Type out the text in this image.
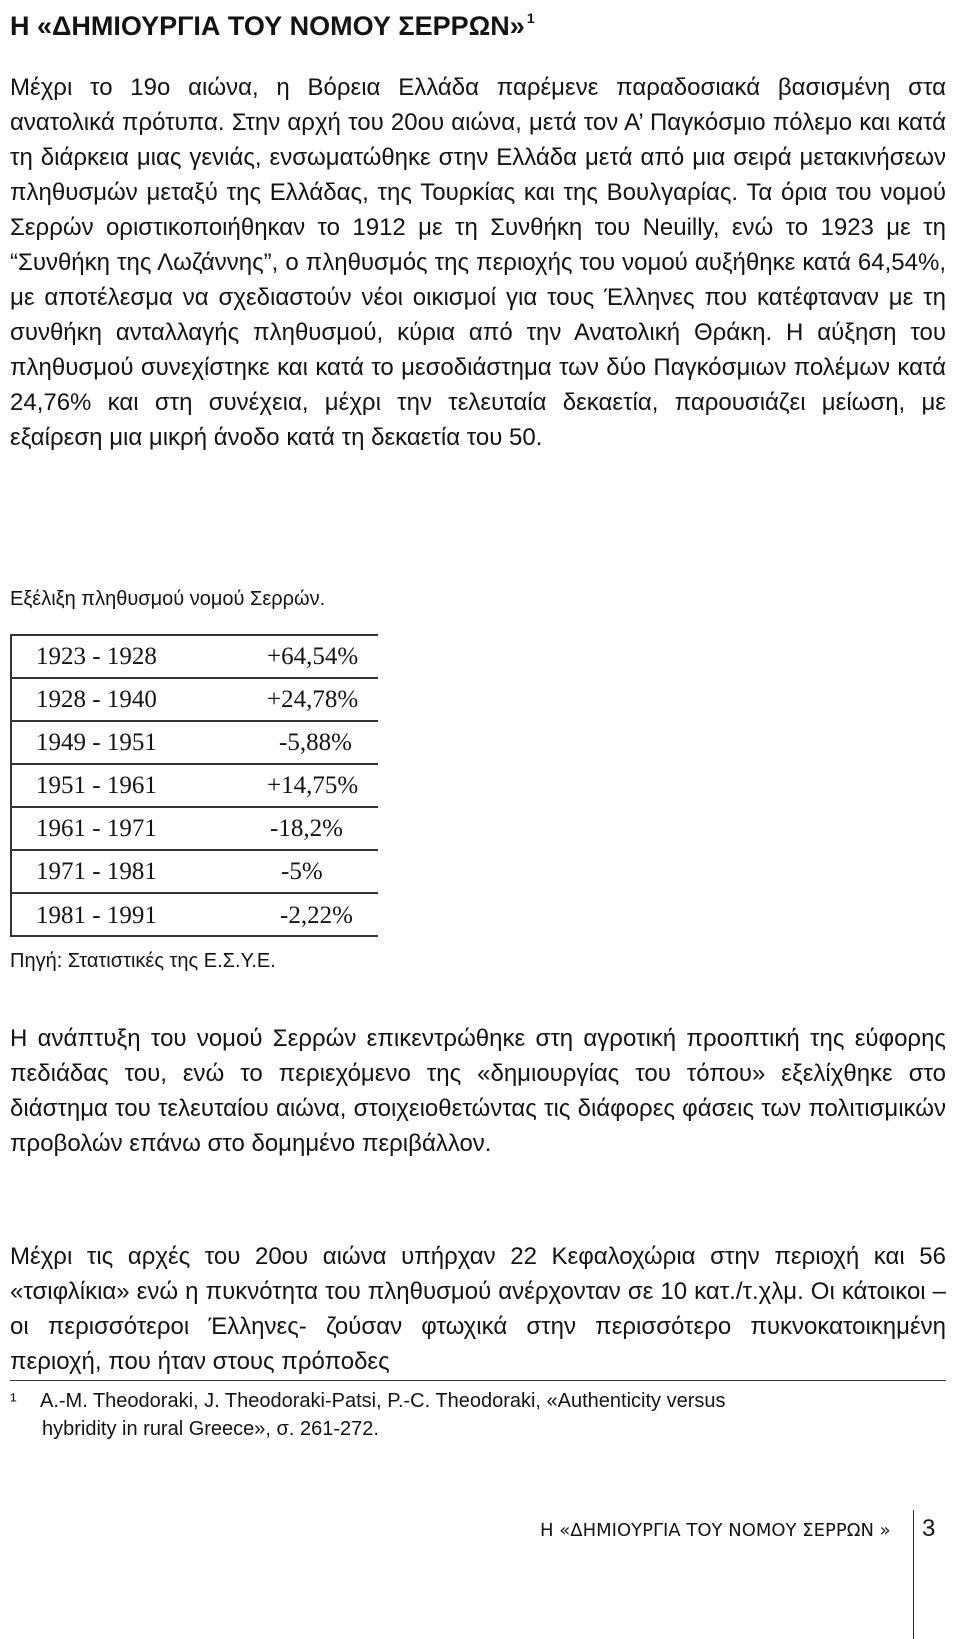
Η «ΔΗΜΙΟΥΡΓΙΑ ΤΟΥ ΝΟΜΟΥ ΣΕΡΡΩΝ» $^1$

Μέχρι το 19ο αιώνα, η Βόρεια Ελλάδα παρέμενε παραδοσιακά βασισμένη στα ανατολικά πρότυπα. Στην αρχή του 20ου αιώνα, μετά τον Α’ Παγκόσμιο πόλεμο και κατά τη διάρκεια μιας γενιάς, ενσωματώθηκε στην Ελλάδα μετά από μια σειρά μετακινήσεων πληθυσμών μεταξύ της Ελλάδας, της Τουρκίας και της Βουλγαρίας. Τα όρια του νομού Σερρών οριστικοποιήθηκαν το 1912 με τη Συνθήκη του Neuilly, ενώ το 1923 με τη “Συνθήκη της Λωζάννης”, ο πληθυσμός της περιοχής του νομού αυξήθηκε κατά 64,54%, με αποτέλεσμα να σχεδιαστούν νέοι οικισμοί για τους Έλληνες που κατέφταναν με τη συνθήκη ανταλλαγής πληθυσμού, κύρια από την Ανατολική Θράκη. Η αύξηση του πληθυσμού συνεχίστηκε και κατά το μεσοδιάστημα των δύο Παγκόσμιων πολέμων κατά 24,76% και στη συνέχεια, μέχρι την τελευταία δεκαετία, παρουσιάζει μείωση, με εξαίρεση μια μικρή άνοδο κατά τη δεκαετία του 50.

Εξέλιξη πληθυσμού νομού Σερρών.
1923 - 1928	+64,54%
1928 - 1940	+24,78%
1949 - 1951	-5,88%
1951 - 1961	+14,75%
1961 - 1971	-18,2%
1971 - 1981	-5%
1981 - 1991	-2,22%
Πηγή: Στατιστικές της Ε.Σ.Υ.Ε.

Η ανάπτυξη του νομού Σερρών επικεντρώθηκε στη αγροτική προοπτική της εύφορης πεδιάδας του, ενώ το περιεχόμενο της «δημιουργίας του τόπου» εξελίχθηκε στο διάστημα του τελευταίου αιώνα, στοιχειοθετώντας τις διάφορες φάσεις των πολιτισμικών προβολών επάνω στο δομημένο περιβάλλον.

Μέχρι τις αρχές του 20ου αιώνα υπήρχαν 22 Κεφαλοχώρια στην περιοχή και 56 «τσιφλίκια» ενώ η πυκνότητα του πληθυσμού ανέρχονταν σε 10 κατ./τ.χλμ. Οι κάτοικοι –οι περισσότεροι Έλληνες- ζούσαν φτωχικά στην περισσότερο πυκνοκατοικημένη περιοχή, που ήταν στους πρόποδες

¹ A.-M. Theodoraki, J. Theodoraki-Patsi, P.-C. Theodoraki, «Authenticity versus
hybridity in rural Greece», σ. 261-272.
Η «ΔΗΜΙΟΥΡΓΙΑ ΤΟΥ ΝΟΜΟΥ ΣΕΡΡΩΝ » 3
